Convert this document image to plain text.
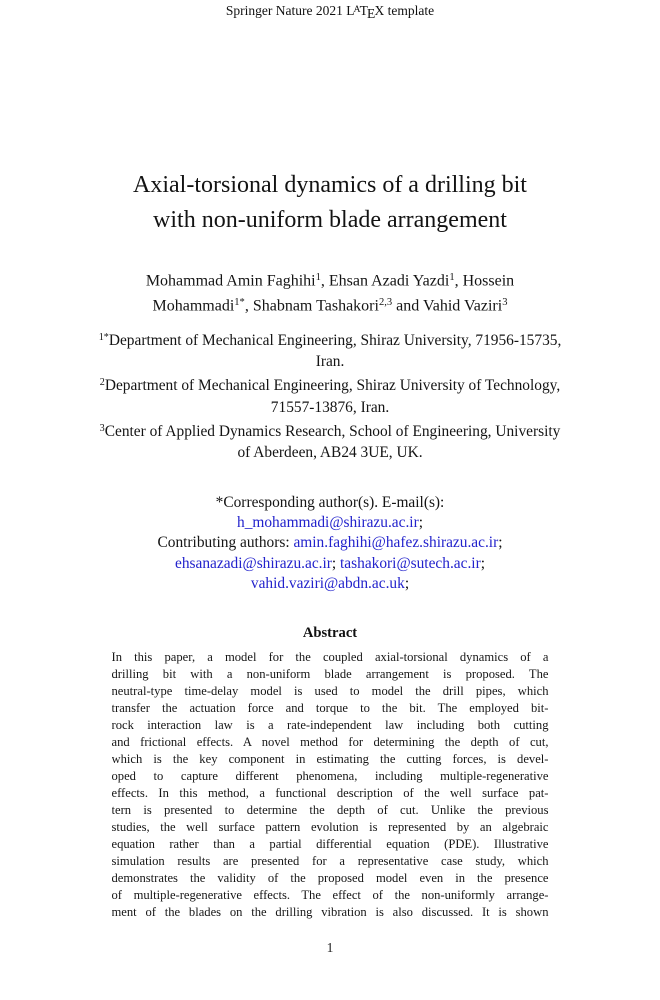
Springer Nature 2021 $L^ATEX$ template
Axial-torsional dynamics of a drilling bit
with non-uniform blade arrangement
Mohammad Amin Faghihi$^1$, Ehsan Azadi Yazdi$^1$, Hossein Mohammadi$^{1*}$, Shabnam Tashakori$^{2,3}$ and Vahid Vaziri$^3$
$^{1*}$Department of Mechanical Engineering, Shiraz University, 71956-15735, Iran.
$^2$Department of Mechanical Engineering, Shiraz University of Technology, 71557-13876, Iran.
$^3$Center of Applied Dynamics Research, School of Engineering, University of Aberdeen, AB24 3UE, UK.
*Corresponding author(s). E-mail(s):
h_mohammadi@shirazu.ac.ir;
Contributing authors: amin.faghihi@hafez.shirazu.ac.ir;
ehsanazadi@shirazu.ac.ir; tashakori@sutech.ac.ir;
vahid.vaziri@abdn.ac.uk;
Abstract
In this paper, a model for the coupled axial-torsional dynamics of a
drilling bit with a non-uniform blade arrangement is proposed. The
neutral-type time-delay model is used to model the drill pipes, which
transfer the actuation force and torque to the bit. The employed bit-
rock interaction law is a rate-independent law including both cutting
and frictional effects. A novel method for determining the depth of cut,
which is the key component in estimating the cutting forces, is devel-
oped to capture different phenomena, including multiple-regenerative
effects. In this method, a functional description of the well surface pat-
tern is presented to determine the depth of cut. Unlike the previous
studies, the well surface pattern evolution is represented by an algebraic
equation rather than a partial differential equation (PDE). Illustrative
simulation results are presented for a representative case study, which
demonstrates the validity of the proposed model even in the presence
of multiple-regenerative effects. The effect of the non-uniformly arrange-
ment of the blades on the drilling vibration is also discussed. It is shown
1
